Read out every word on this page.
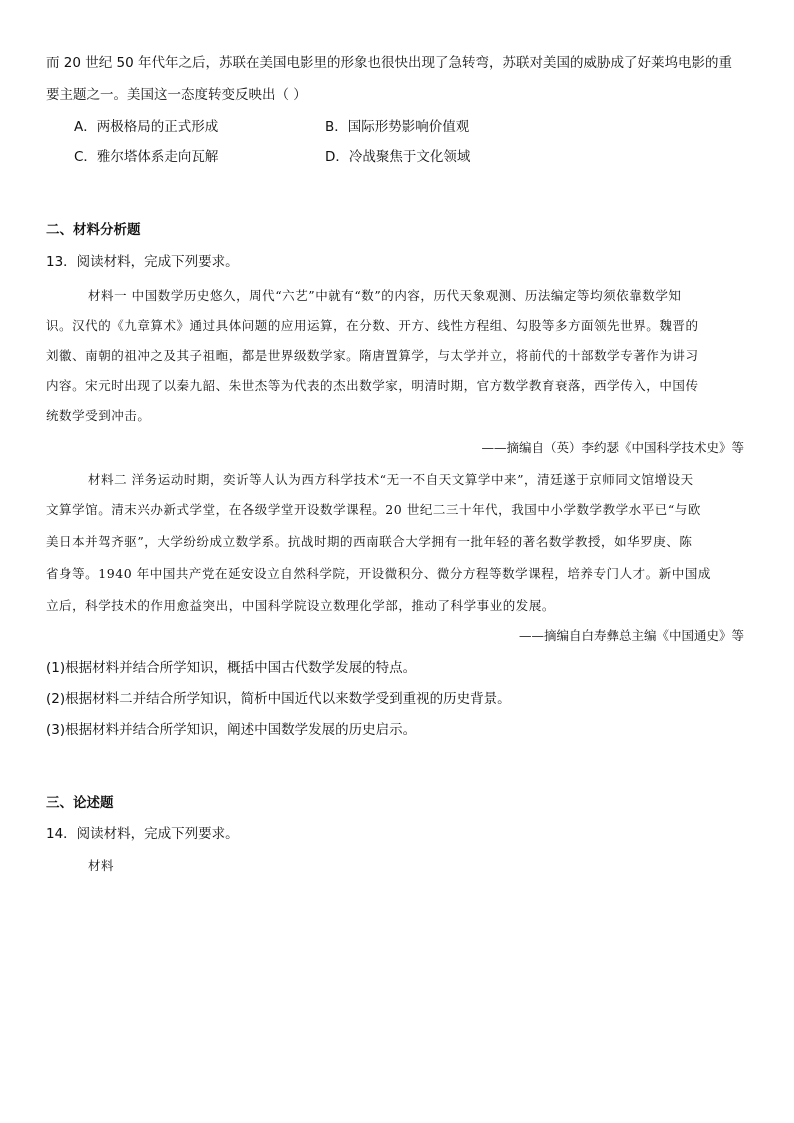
而 20 世纪 50 年代年之后，苏联在美国电影里的形象也很快出现了急转弯，苏联对美国的威胁成了好莱坞电影的重
要主题之一。美国这一态度转变反映出（ ）
A．两极格局的正式形成	B．国际形势影响价值观
C．雅尔塔体系走向瓦解	D．冷战聚焦于文化领域
二、材料分析题
13．阅读材料，完成下列要求。
材料一 中国数学历史悠久，周代“六艺”中就有“数”的内容，历代天象观测、历法编定等均须依靠数学知
识。汉代的《九章算术》通过具体问题的应用运算，在分数、开方、线性方程组、勾股等多方面领先世界。魏晋的
刘徽、南朝的祖冲之及其子祖暅，都是世界级数学家。隋唐置算学，与太学并立，将前代的十部数学专著作为讲习
内容。宋元时出现了以秦九韶、朱世杰等为代表的杰出数学家，明清时期，官方数学教育衰落，西学传入，中国传
统数学受到冲击。
——摘编自（英）李约瑟《中国科学技术史》等
材料二 洋务运动时期，奕䜣等人认为西方科学技术“无一不自天文算学中来”，清廷遂于京师同文馆增设天
文算学馆。清末兴办新式学堂，在各级学堂开设数学课程。20 世纪二三十年代，我国中小学数学教学水平已“与欧
美日本并驾齐驱”，大学纷纷成立数学系。抗战时期的西南联合大学拥有一批年轻的著名数学教授，如华罗庚、陈
省身等。1940 年中国共产党在延安设立自然科学院，开设微积分、微分方程等数学课程，培养专门人才。新中国成
立后，科学技术的作用愈益突出，中国科学院设立数理化学部，推动了科学事业的发展。
——摘编自白寿彝总主编《中国通史》等
(1)根据材料并结合所学知识，概括中国古代数学发展的特点。
(2)根据材料二并结合所学知识，简析中国近代以来数学受到重视的历史背景。
(3)根据材料并结合所学知识，阐述中国数学发展的历史启示。
三、论述题
14．阅读材料，完成下列要求。
材料
